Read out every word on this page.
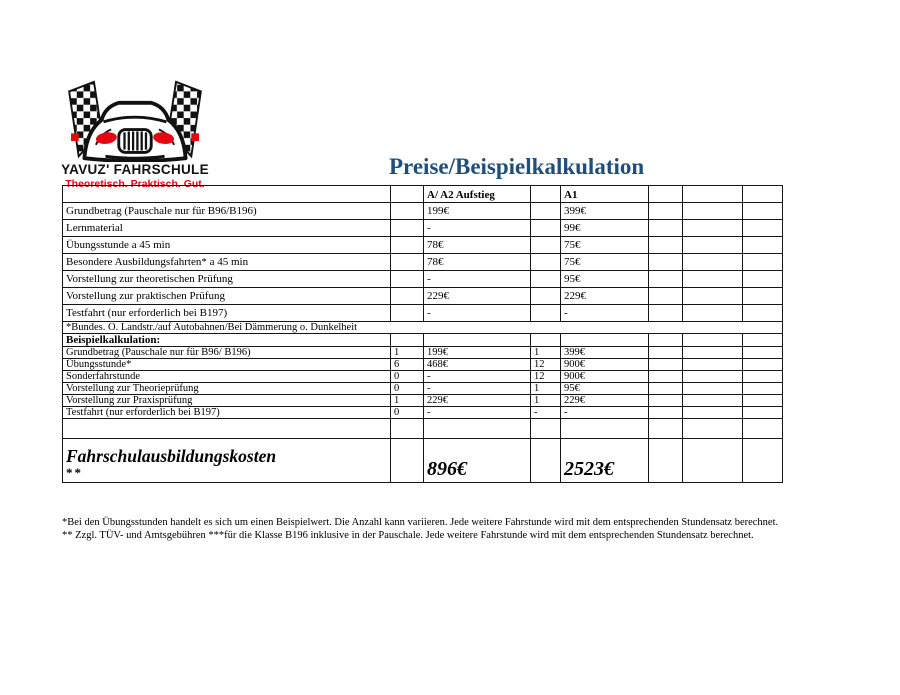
YAVUZ' FAHRSCHULE
Theoretisch. Praktisch. Gut.
Preise/Beispielkalkulation
		A/ A2 Aufstieg		A1			
Grundbetrag (Pauschale nur für B96/B196)		199€		399€			
Lernmaterial		-		99€			
Übungsstunde a 45 min		78€		75€			
Besondere Ausbildungsfahrten* a 45 min		78€		75€			
Vorstellung zur theoretischen Prüfung		-		95€			
Vorstellung zur praktischen Prüfung		229€		229€			
Testfahrt (nur erforderlich bei B197)		-		-			
*Bundes. O. Landstr./auf Autobahnen/Bei Dämmerung o. Dunkelheit							
Beispielkalkulation:							
Grundbetrag (Pauschale nur für B96/ B196)	1	199€	1	399€			
Übungsstunde*	6	468€	12	900€			
Sonderfahrstunde	0	-	12	900€			
Vorstellung zur Theorieprüfung	0	-	1	95€			
Vorstellung zur Praxisprüfung	1	229€	1	229€			
Testfahrt (nur erforderlich bei B197)	0	-	-	-			

Fahrschulausbildungskosten
**		896€		2523€			
*Bei den Übungsstunden handelt es sich um einen Beispielwert. Die Anzahl kann variieren. Jede weitere Fahrstunde wird mit dem entsprechenden Stundensatz berechnet.
** Zzgl. TÜV- und Amtsgebühren ***für die Klasse B196 inklusive in der Pauschale. Jede weitere Fahrstunde wird mit dem entsprechenden Stundensatz berechnet.
